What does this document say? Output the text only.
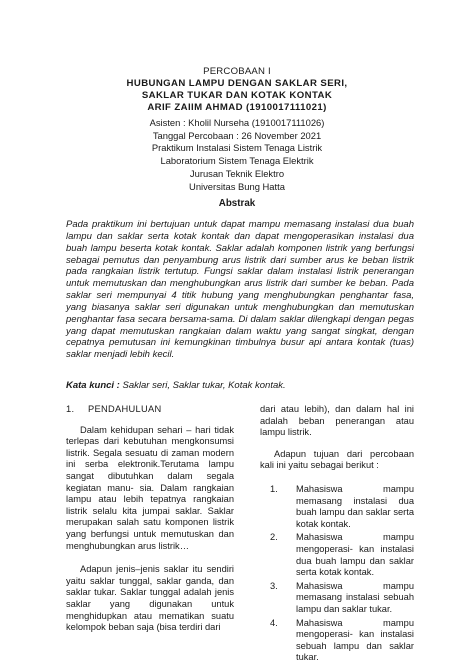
PERCOBAAN I
HUBUNGAN LAMPU DENGAN SAKLAR SERI,
SAKLAR TUKAR DAN KOTAK KONTAK
ARIF ZAIIM AHMAD (1910017111021)
Asisten : Kholil Nurseha (1910017111026)
Tanggal Percobaan : 26 November 2021
Praktikum Instalasi Sistem Tenaga Listrik
Laboratorium Sistem Tenaga Elektrik
Jurusan Teknik Elektro
Universitas Bung Hatta
Abstrak
Pada praktikum ini bertujuan untuk dapat mampu memasang instalasi dua buah lampu dan saklar serta kotak kontak dan dapat mengoperasikan instalasi dua buah lampu beserta kotak kontak. Saklar adalah komponen listrik yang berfungsi sebagai pemutus dan penyambung arus listrik dari sumber arus ke beban listrik pada rangkaian listrik tertutup. Fungsi saklar dalam instalasi listrik penerangan untuk memutuskan dan menghubungkan arus listrik dari sumber ke beban. Pada saklar seri mempunyai 4 titik hubung yang menghubungkan penghantar fasa, yang biasanya saklar seri digunakan untuk menghubungkan dan memutuskan penghantar fasa secara bersama-sama. Di dalam saklar dilengkapi dengan pegas yang dapat memutuskan rangkaian dalam waktu yang sangat singkat, dengan cepatnya pemutusan ini kemungkinan timbulnya busur api antara kontak (tuas) saklar menjadi lebih kecil.
Kata kunci : Saklar seri, Saklar tukar, Kotak kontak.
1.	PENDAHULUAN

Dalam kehidupan sehari – hari tidak terlepas dari kebutuhan mengkonsumsi listrik. Segala sesuatu di zaman modern ini serba elektronik.Terutama lampu sangat dibutuhkan dalam segala kegiatan manu- sia. Dalam rangkaian lampu atau lebih tepatnya rangkaian listrik selalu kita jumpai saklar. Saklar merupakan salah satu komponen listrik yang berfungsi untuk memutuskan dan menghubungkan arus listrik…

Adapun jenis–jenis saklar itu sendiri yaitu saklar tunggal, saklar ganda, dan saklar tukar. Saklar tunggal adalah jenis saklar yang digunakan untuk menghidupkan atau mematikan suatu kelompok beban saja (bisa terdiri dari

dari atau lebih), dan dalam hal ini adalah beban penerangan atau lampu listrik.

Adapun tujuan dari percobaan kali ini yaitu sebagai berikut :

1.	Mahasiswa mampu memasang instalasi dua buah lampu dan saklar serta kotak kontak.
2.	Mahasiswa mampu mengoperasi- kan instalasi dua buah lampu dan saklar serta kotak kontak.
3.	Mahasiswa mampu memasang instalasi sebuah lampu dan saklar tukar.
4.	Mahasiswa mampu mengoperasi- kan instalasi sebuah lampu dan saklar tukar.
